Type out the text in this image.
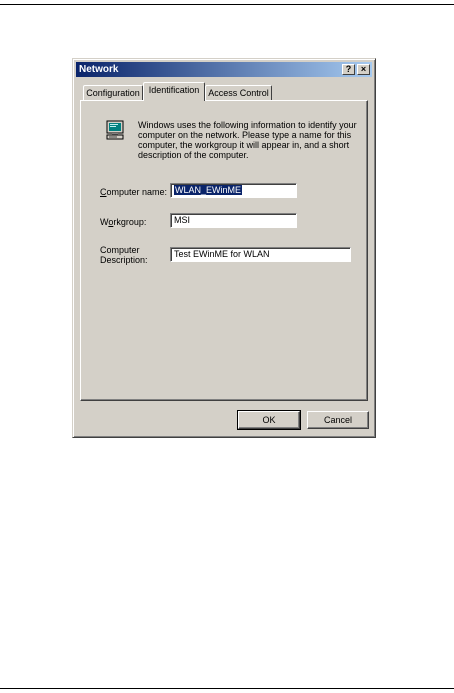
Network	?	×
Configuration Identification Access Control
Windows uses the following information to identify your computer on the network. Please type a name for this computer, the workgroup it will appear in, and a short description of the computer.
Computer name: WLAN_EWinME
Workgroup:	MSI
Computer
Description:
Test EWinME for WLAN
OK	Cancel
